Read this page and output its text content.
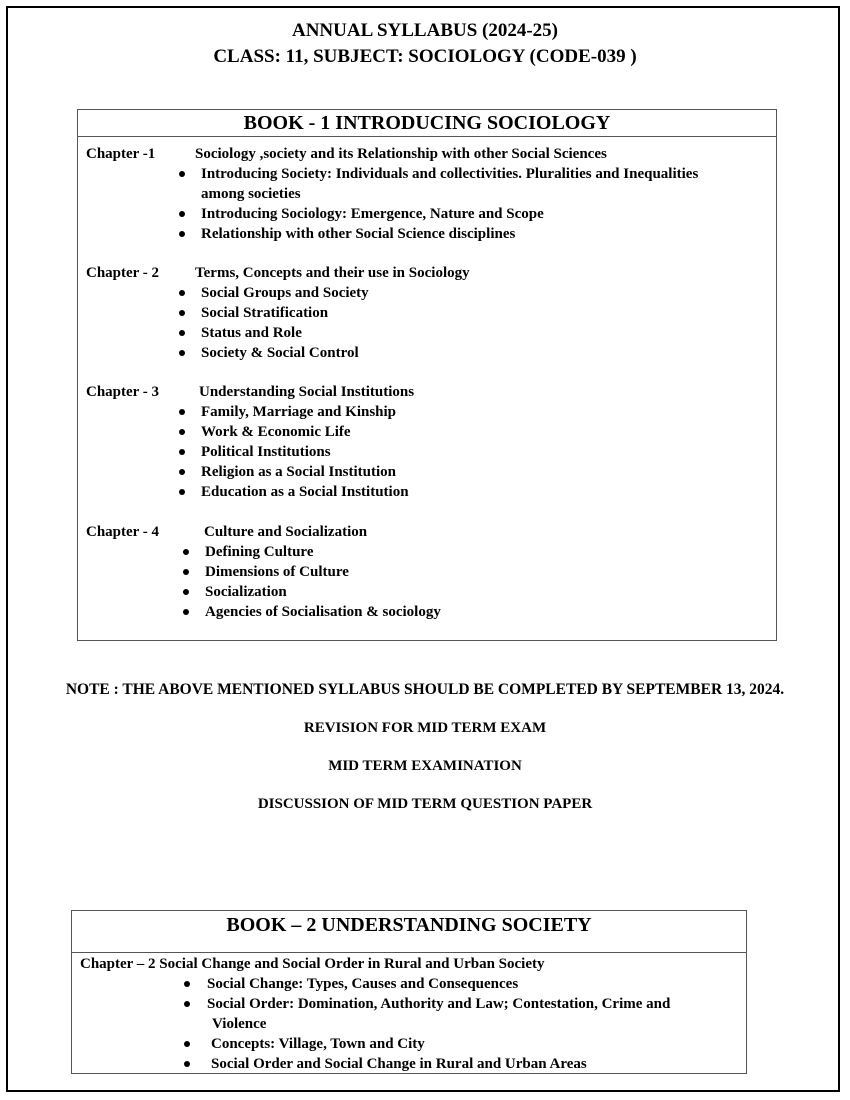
ANNUAL SYLLABUS (2024-25)
CLASS: 11, SUBJECT: SOCIOLOGY (CODE-039 )
BOOK - 1 INTRODUCING SOCIOLOGY
Chapter -1	Sociology ,society and its Relationship with other Social Sciences
Introducing Society: Individuals and collectivities. Pluralities and Inequalities
among societies
Introducing Sociology: Emergence, Nature and Scope
Relationship with other Social Science disciplines
Chapter - 2 Terms, Concepts and their use in Sociology
Social Groups and Society
Social Stratification
Status and Role
Society & Social Control
Chapter - 3	Understanding Social Institutions
Family, Marriage and Kinship
Work & Economic Life
Political Institutions
Religion as a Social Institution
Education as a Social Institution
Chapter - 4	Culture and Socialization
Defining Culture
Dimensions of Culture
Socialization
Agencies of Socialisation & sociology
NOTE : THE ABOVE MENTIONED SYLLABUS SHOULD BE COMPLETED BY SEPTEMBER 13, 2024.
REVISION FOR MID TERM EXAM
MID TERM EXAMINATION
DISCUSSION OF MID TERM QUESTION PAPER
BOOK – 2 UNDERSTANDING SOCIETY
Chapter – 2 Social Change and Social Order in Rural and Urban Society
Social Change: Types, Causes and Consequences
Social Order: Domination, Authority and Law; Contestation, Crime and
Violence
Concepts: Village, Town and City
Social Order and Social Change in Rural and Urban Areas
